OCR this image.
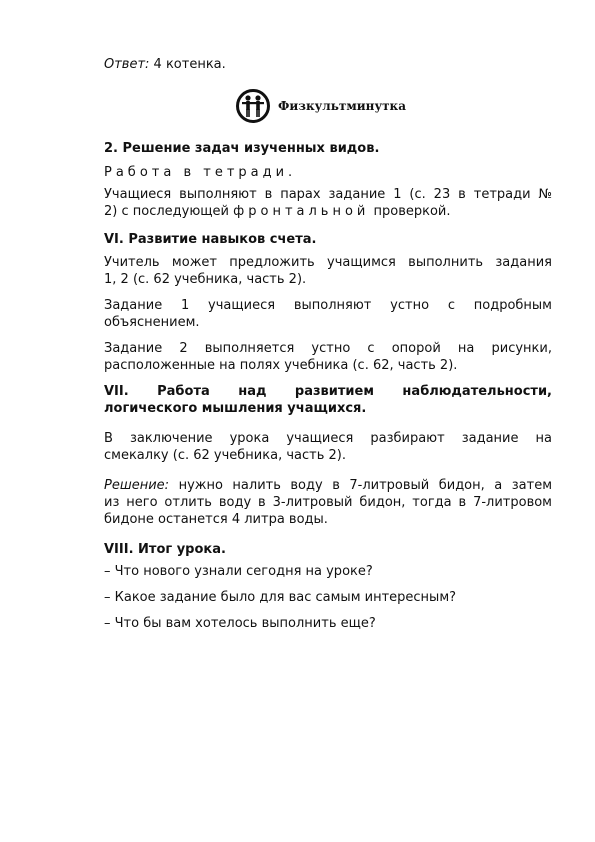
Ответ: 4 котенка.
2. Решение задач изученных видов.
Работа в тетради.
Учащиеся выполняют в парах задание 1 (с. 23 в тетради №
2) с последующей фронтальной проверкой.
VI. Развитие навыков счета.
Учитель может предложить учащимся выполнить задания
1, 2 (с. 62 учебника, часть 2).
Задание 1 учащиеся выполняют устно с подробным
объяснением.
Задание 2 выполняется устно с опорой на рисунки,
расположенные на полях учебника (с. 62, часть 2).
VII. Работа над развитием наблюдательности,
логического мышления учащихся.
В заключение урока учащиеся разбирают задание на
смекалку (с. 62 учебника, часть 2).
Решение: нужно налить воду в 7-литровый бидон, а затем
из него отлить воду в 3-литровый бидон, тогда в 7-литровом
бидоне останется 4 литра воды.
VIII. Итог урока.
– Что нового узнали сегодня на уроке?
– Какое задание было для вас самым интересным?
– Что бы вам хотелось выполнить еще?
Физкультминутка
